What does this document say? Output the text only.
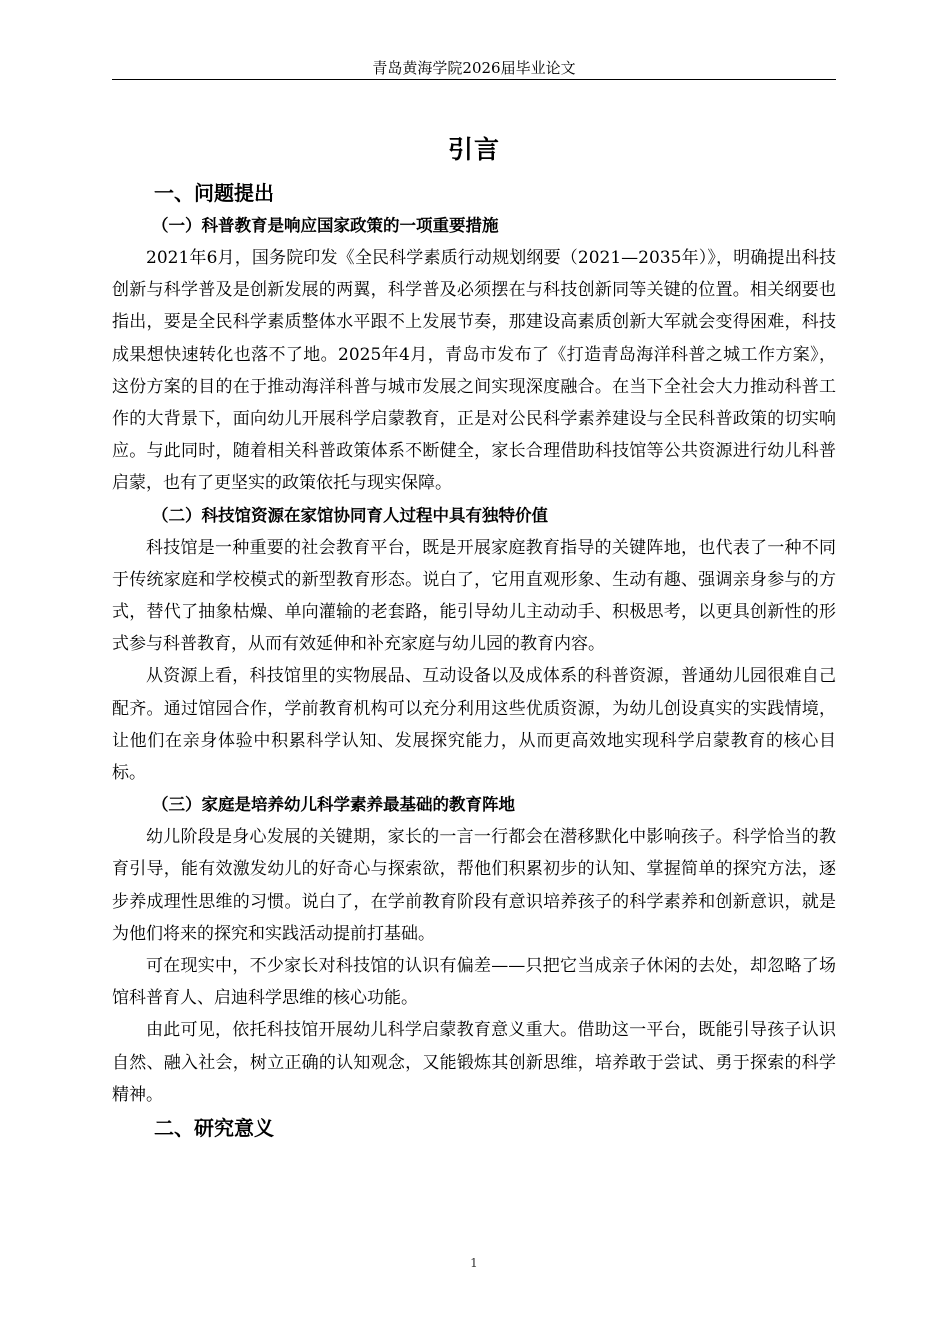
青岛黄海学院2026届毕业论文
引言
一、问题提出
（一）科普教育是响应国家政策的一项重要措施

2021年6月，国务院印发《全民科学素质行动规划纲要（2021—2035年）》，明确提出科技创新与科学普及是创新发展的两翼，科学普及必须摆在与科技创新同等关键的位置。相关纲要也指出，要是全民科学素质整体水平跟不上发展节奏，那建设高素质创新大军就会变得困难，科技成果想快速转化也落不了地。2025年4月，青岛市发布了《打造青岛海洋科普之城工作方案》，这份方案的目的在于推动海洋科普与城市发展之间实现深度融合。在当下全社会大力推动科普工作的大背景下，面向幼儿开展科学启蒙教育，正是对公民科学素养建设与全民科普政策的切实响应。与此同时，随着相关科普政策体系不断健全，家长合理借助科技馆等公共资源进行幼儿科普启蒙，也有了更坚实的政策依托与现实保障。

（二）科技馆资源在家馆协同育人过程中具有独特价值

科技馆是一种重要的社会教育平台，既是开展家庭教育指导的关键阵地，也代表了一种不同于传统家庭和学校模式的新型教育形态。说白了，它用直观形象、生动有趣、强调亲身参与的方式，替代了抽象枯燥、单向灌输的老套路，能引导幼儿主动动手、积极思考，以更具创新性的形式参与科普教育，从而有效延伸和补充家庭与幼儿园的教育内容。

从资源上看，科技馆里的实物展品、互动设备以及成体系的科普资源，普通幼儿园很难自己配齐。通过馆园合作，学前教育机构可以充分利用这些优质资源，为幼儿创设真实的实践情境，让他们在亲身体验中积累科学认知、发展探究能力，从而更高效地实现科学启蒙教育的核心目标。

（三）家庭是培养幼儿科学素养最基础的教育阵地

幼儿阶段是身心发展的关键期，家长的一言一行都会在潜移默化中影响孩子。科学恰当的教育引导，能有效激发幼儿的好奇心与探索欲，帮他们积累初步的认知、掌握简单的探究方法，逐步养成理性思维的习惯。说白了，在学前教育阶段有意识培养孩子的科学素养和创新意识，就是为他们将来的探究和实践活动提前打基础。

可在现实中，不少家长对科技馆的认识有偏差——只把它当成亲子休闲的去处，却忽略了场馆科普育人、启迪科学思维的核心功能。

由此可见，依托科技馆开展幼儿科学启蒙教育意义重大。借助这一平台，既能引导孩子认识自然、融入社会，树立正确的认知观念，又能锻炼其创新思维，培养敢于尝试、勇于探索的科学精神。

二、研究意义
1
